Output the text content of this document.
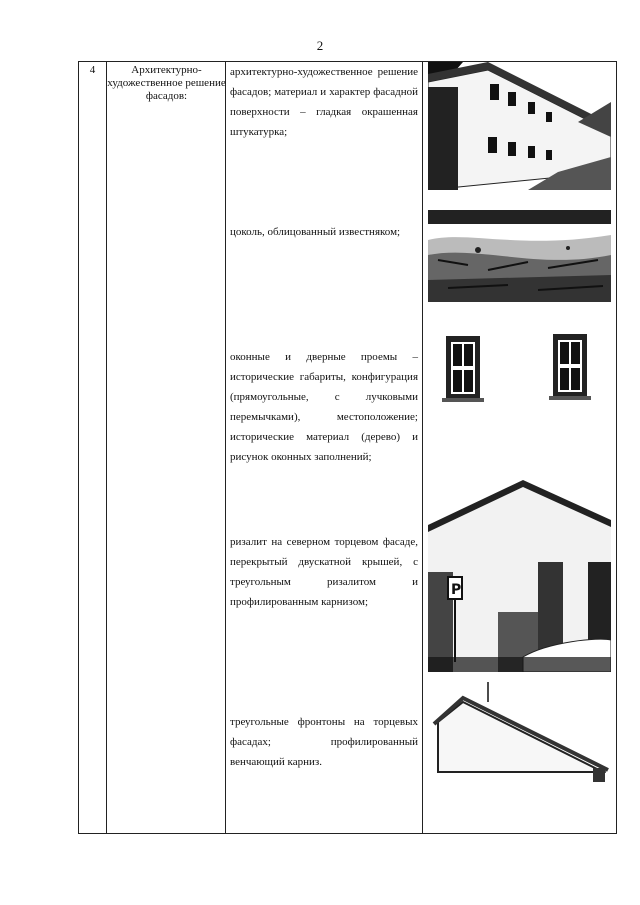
2
4	Архитектурно-художественное решение фасадов:
архитектурно-художественное решение фасадов; материал и характер фасадной поверхности – гладкая окрашенная штукатурка;
цоколь, облицованный известняком;
оконные и дверные проемы – исторические габариты, конфигурация (прямоугольные, с лучковыми перемычками), местоположение; исторические материал (дерево) и рисунок оконных заполнений;
ризалит на северном торцевом фасаде, перекрытый двускатной крышей, с треугольным ризалитом и профилированным карнизом;
треугольные фронтоны на торцевых фасадах; профилированный венчающий карниз.
P
